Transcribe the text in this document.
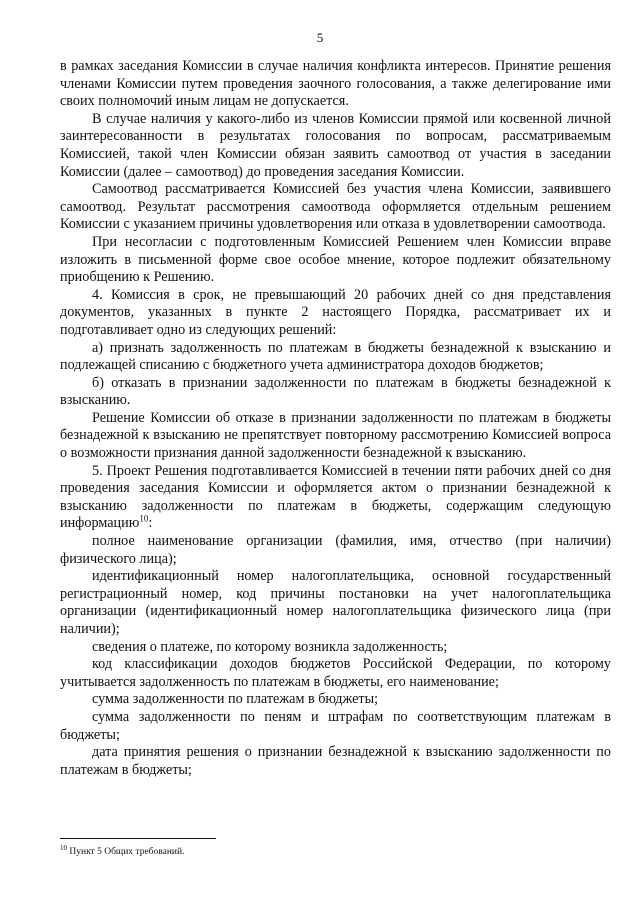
5

в рамках заседания Комиссии в случае наличия конфликта интересов. Принятие решения членами Комиссии путем проведения заочного голосования, а также делегирование ими своих полномочий иным лицам не допускается.

В случае наличия у какого-либо из членов Комиссии прямой или косвенной личной заинтересованности в результатах голосования по вопросам, рассматриваемым Комиссией, такой член Комиссии обязан заявить самоотвод от участия в заседании Комиссии (далее – самоотвод) до проведения заседания Комиссии.

Самоотвод рассматривается Комиссией без участия члена Комиссии, заявившего самоотвод. Результат рассмотрения самоотвода оформляется отдельным решением Комиссии с указанием причины удовлетворения или отказа в удовлетворении самоотвода.

При несогласии с подготовленным Комиссией Решением член Комиссии вправе изложить в письменной форме свое особое мнение, которое подлежит обязательному приобщению к Решению.

4. Комиссия в срок, не превышающий 20 рабочих дней со дня представления документов, указанных в пункте 2 настоящего Порядка, рассматривает их и подготавливает одно из следующих решений:

а) признать задолженность по платежам в бюджеты безнадежной к взысканию и подлежащей списанию с бюджетного учета администратора доходов бюджетов;

б) отказать в признании задолженности по платежам в бюджеты безнадежной к взысканию.

Решение Комиссии об отказе в признании задолженности по платежам в бюджеты безнадежной к взысканию не препятствует повторному рассмотрению Комиссией вопроса о возможности признания данной задолженности безнадежной к взысканию.

5. Проект Решения подготавливается Комиссией в течении пяти рабочих дней со дня проведения заседания Комиссии и оформляется актом о признании безнадежной к взысканию задолженности по платежам в бюджеты, содержащим следующую информацию$^{10}$:

полное наименование организации (фамилия, имя, отчество (при наличии) физического лица);

идентификационный номер налогоплательщика, основной государственный регистрационный номер, код причины постановки на учет налогоплательщика организации (идентификационный номер налогоплательщика физического лица (при наличии);

сведения о платеже, по которому возникла задолженность;

код классификации доходов бюджетов Российской Федерации, по которому учитывается задолженность по платежам в бюджеты, его наименование;

сумма задолженности по платежам в бюджеты;

сумма задолженности по пеням и штрафам по соответствующим платежам в бюджеты;

дата принятия решения о признании безнадежной к взысканию задолженности по платежам в бюджеты;

$^{10}$ Пункт 5 Общих требований.
